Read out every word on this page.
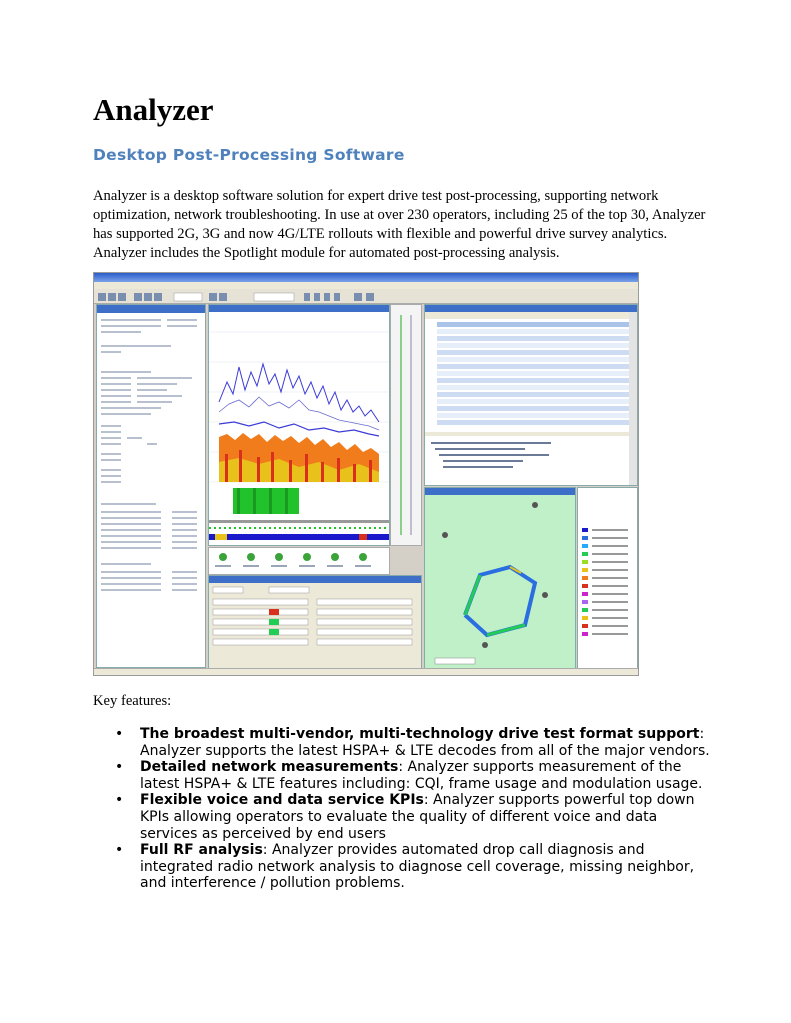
Analyzer
Desktop Post-Processing Software

Analyzer is a desktop software solution for expert drive test post-processing, supporting network optimization, network troubleshooting. In use at over 230 operators, including 25 of the top 30, Analyzer has supported 2G, 3G and now 4G/LTE rollouts with flexible and powerful drive survey analytics. Analyzer includes the Spotlight module for automated post-processing analysis.

Key features:

• The broadest multi-vendor, multi-technology drive test format support: Analyzer supports the latest HSPA+ & LTE decodes from all of the major vendors.
• Detailed network measurements: Analyzer supports measurement of the latest HSPA+ & LTE features including: CQI, frame usage and modulation usage.
• Flexible voice and data service KPIs: Analyzer supports powerful top down KPIs allowing operators to evaluate the quality of different voice and data services as perceived by end users
• Full RF analysis: Analyzer provides automated drop call diagnosis and integrated radio network analysis to diagnose cell coverage, missing neighbor, and interference / pollution problems.
